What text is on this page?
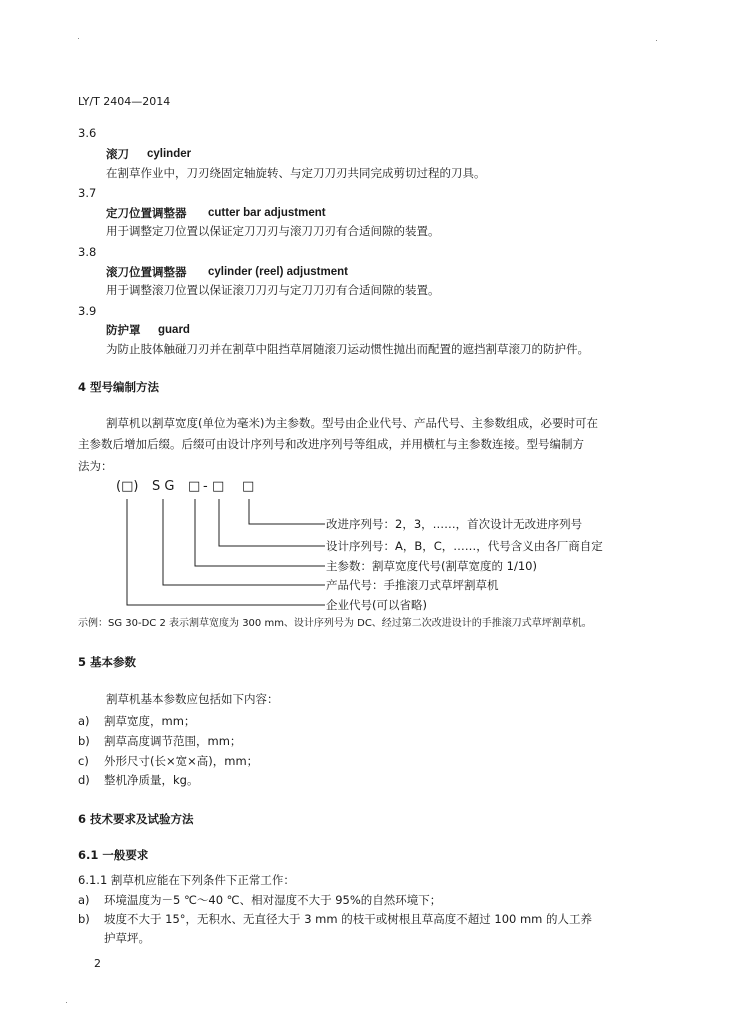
LY/T 2404—2014
3.6
滚刀 cylinder
在割草作业中，刀刃绕固定轴旋转、与定刀刀刃共同完成剪切过程的刀具。
3.7
定刀位置调整器 cutter bar adjustment
用于调整定刀位置以保证定刀刀刃与滚刀刀刃有合适间隙的装置。
3.8
滚刀位置调整器 cylinder (reel) adjustment
用于调整滚刀位置以保证滚刀刀刃与定刀刀刃有合适间隙的装置。
3.9
防护罩 guard
为防止肢体触碰刀刃并在割草中阻挡草屑随滚刀运动惯性抛出而配置的遮挡割草滚刀的防护件。
4 型号编制方法
割草机以割草宽度(单位为毫米)为主参数。型号由企业代号、产品代号、主参数组成，必要时可在
主参数后增加后缀。后缀可由设计序列号和改进序列号等组成，并用横杠与主参数连接。型号编制方
法为：
(□) S G □ - □ □
改进序列号：2，3，……，首次设计无改进序列号
设计序列号：A，B，C，……，代号含义由各厂商自定
主参数：割草宽度代号(割草宽度的 1/10)
产品代号：手推滚刀式草坪割草机
企业代号(可以省略)
示例：SG 30-DC 2 表示割草宽度为 300 mm、设计序列号为 DC、经过第二次改进设计的手推滚刀式草坪割草机。
5 基本参数
割草机基本参数应包括如下内容：
a) 割草宽度，mm；
b) 割草高度调节范围，mm；
c) 外形尺寸(长×宽×高)，mm；
d) 整机净质量，kg。
6 技术要求及试验方法
6.1 一般要求
6.1.1 割草机应能在下列条件下正常工作：
a) 环境温度为－5 ℃～40 ℃、相对湿度不大于 95%的自然环境下；
b) 坡度不大于 15°，无积水、无直径大于 3 mm 的枝干或树根且草高度不超过 100 mm 的人工养
护草坪。
2
